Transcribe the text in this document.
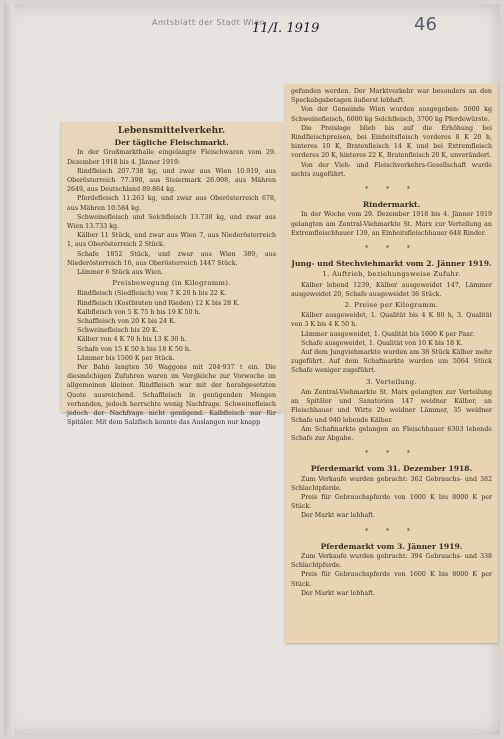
Amtsblatt der Stadt Wien
11/I. 1919	46
Lebensmittelverkehr.
Der tägliche Fleischmarkt.

In der Großmarkthalle eingelangte Fleischwaren vom 29. Dezember 1918 bis 4. Jänner 1919:

Rindfleisch 207.738 kg, und zwar aus Wien 10.919, aus Oberösterreich 77.398, aus Steiermark 26.908, aus Mähren 2649, aus Deutschland 89.864 kg.

Pferdefleisch 11.263 kg, und zwar aus Oberösterreich 678, aus Mähren 10.584 kg.

Schweinefleisch und Selchfleisch 13.738 kg, und zwar aus Wien 13.733 kg.

Kälber 11 Stück, und zwar aus Wien 7, aus Niederösterreich 1, aus Oberösterreich 2 Stück.

Schafe 1852 Stück, und zwar aus Wien 389, aus Niederösterreich 16, aus Oberösterreich 1447 Stück.

Lämmer 6 Stück aus Wien.

Preisbewegung (in Kilogramm).

Rindfleisch (Siedfleisch) von 7 K 20 h bis 22 K.

Rindfleisch (Kostbraten und Rieden) 12 K bis 28 K.

Kalbfleisch von 5 K 75 h bis 19 K 50 h.

Schaffleisch von 20 K bis 24 K.

Schweinefleisch bis 20 K.

Kälber von 4 K 70 h bis 13 K 30 h.

Schafe von 15 K 50 h bis 18 K 50 h.

Lämmer bis 1500 K per Stück.

Per Bahn langten 50 Waggons mit 204·937 t ein. Die diesmöchigen Zufuhren waren im Vergleiche zur Vorwoche im allgemeinen kleiner. Rindfleisch war mit der herabgesetzten Quote ausreichend. Schaffleisch in genügenden Mengen vorhanden, jedoch herrschte wenig Nachfrage. Schweinefleisch jedoch der Nachfrage nicht genügend. Kalbfleisch nur für Spitäler. Mit dem Salzfisch konnte das Auslangen nur knapp

gefunden werden. Der Marktverkehr war besonders an den Speckabgabetagen äußerst lebhaft.

Von der Gemeinde Wien wurden ausgegeben: 5000 kg Schweinefleisch, 6000 kg Selchfleisch, 3700 kg Pferdewürste.

Die Preislage blieb bis auf die Erhöhung bei Rindfleischpreisen, bei Einheitsfleisch vorderes 8 K 20 h, hinteres 10 K, Bratenfleisch 14 K und bei Extremfleisch vorderes 20 K, hinteres 22 K, Bratenfleisch 20 K, unverändert.

Von der Vieh- und Fleischverkehrs-Gesellschaft wurde nichts zugeführt.

* * *
Rindermarkt.

In der Woche vom 29. Dezember 1918 bis 4. Jänner 1919 gelangten am Zentral-Viehmarkte St. Marx zur Verteilung an Extremfleischhauer 139, an Einheitsfleischhauer 648 Rinder.

* * *
Jung- und Stechviehmarkt vom 2. Jänner 1919.
1. Auftrieb, beziehungsweise Zufuhr.

Kälber lebend 1239, Kälber ausgeweidet 147, Lämmer ausgeweidet 20, Schafe ausgeweidet 36 Stück.

2. Preise per Kilogramm.

Kälber ausgeweidet, 1. Qualität bis 4 K 80 h, 3. Qualität von 3 K bis 4 K 50 h.

Lämmer ausgeweidet, 1. Qualität bis 1600 K per Paar.

Schafe ausgeweidet, 1. Qualität von 10 K bis 18 K.

Auf dem Jungviehmarkte wurden am 38 Stück Kälber mehr zugeführt. Auf dem Schafmarkte wurden um 5064 Stück Schafe weniger zugeführt.

3. Verteilung.

Am Zentral-Viehmarkte St. Marx gelangten zur Verteilung an Spitäler und Sanatorien 147 weidner Kälber, an Fleischhauer und Wirte 20 weidner Lämmer, 35 weidner Schafe und 940 lebende Kälber.

Am Schafmarkte gelangen an Fleischhauer 6303 lebende Schafe zur Abgabe.

* * *
Pferdemarkt vom 31. Dezember 1918.

Zum Verkaufe wurden gebracht: 362 Gebrauchs- und 382 Schlachtpferde.

Preis für Gebrauchspferde von 1600 K bis 8000 K per Stück.

Der Markt war lebhaft.

* * *
Pferdemarkt vom 3. Jänner 1919.

Zum Verkaufe wurden gebracht: 394 Gebrauchs- und 338 Schlachtpferde.

Preis für Gebrauchspferde von 1600 K bis 8000 K per Stück.

Der Markt war lebhaft.
